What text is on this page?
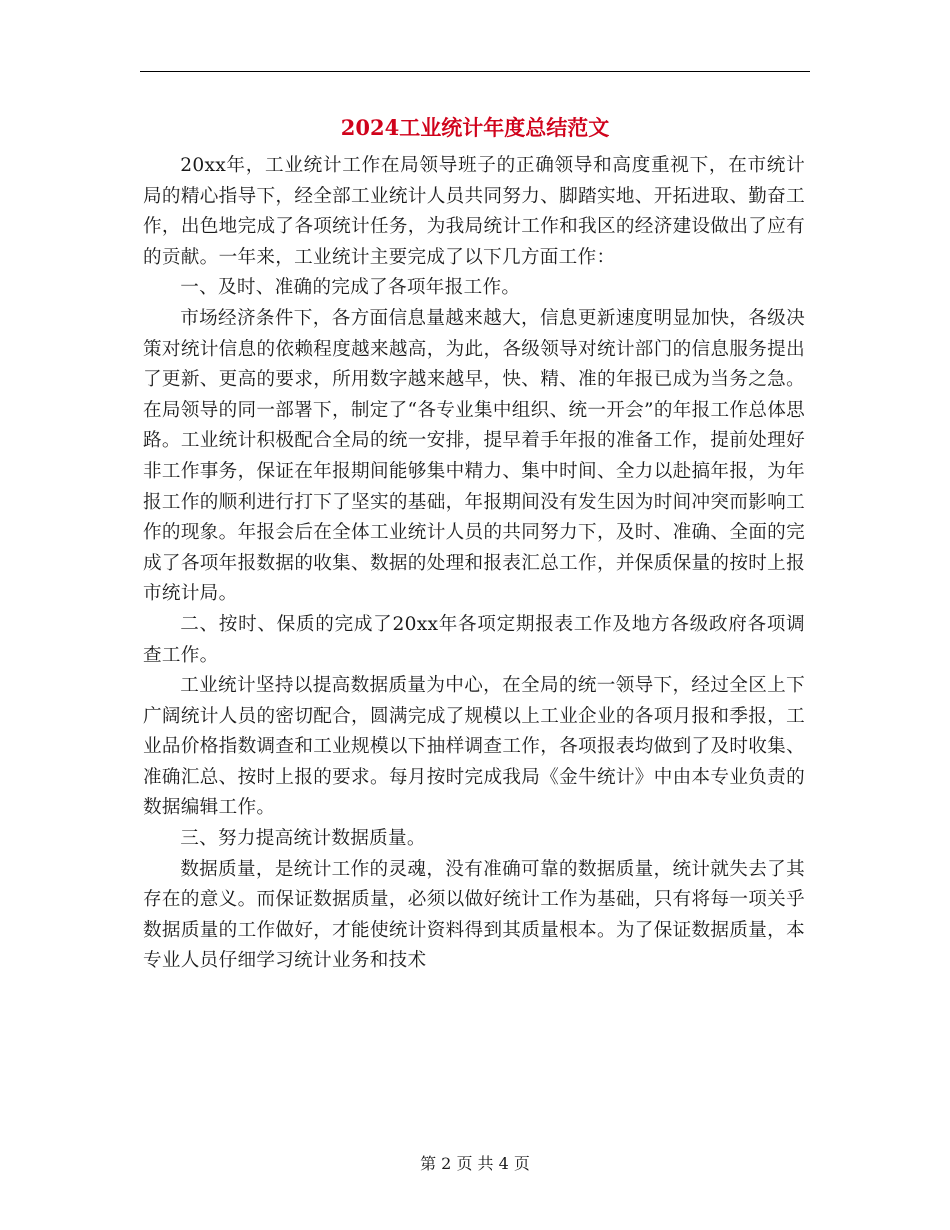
2024工业统计年度总结范文

20xx年，工业统计工作在局领导班子的正确领导和高度重视下，在市统计局的精心指导下，经全部工业统计人员共同努力、脚踏实地、开拓进取、勤奋工作，出色地完成了各项统计任务，为我局统计工作和我区的经济建设做出了应有的贡献。一年来，工业统计主要完成了以下几方面工作：

一、及时、准确的完成了各项年报工作。

市场经济条件下，各方面信息量越来越大，信息更新速度明显加快，各级决策对统计信息的依赖程度越来越高，为此，各级领导对统计部门的信息服务提出了更新、更高的要求，所用数字越来越早，快、精、准的年报已成为当务之急。在局领导的同一部署下，制定了“各专业集中组织、统一开会”的年报工作总体思路。工业统计积极配合全局的统一安排，提早着手年报的准备工作，提前处理好非工作事务，保证在年报期间能够集中精力、集中时间、全力以赴搞年报，为年报工作的顺利进行打下了坚实的基础，年报期间没有发生因为时间冲突而影响工作的现象。年报会后在全体工业统计人员的共同努力下，及时、准确、全面的完成了各项年报数据的收集、数据的处理和报表汇总工作，并保质保量的按时上报市统计局。

二、按时、保质的完成了20xx年各项定期报表工作及地方各级政府各项调查工作。

工业统计坚持以提高数据质量为中心，在全局的统一领导下，经过全区上下广阔统计人员的密切配合，圆满完成了规模以上工业企业的各项月报和季报，工业品价格指数调查和工业规模以下抽样调查工作，各项报表均做到了及时收集、准确汇总、按时上报的要求。每月按时完成我局《金牛统计》中由本专业负责的数据编辑工作。

三、努力提高统计数据质量。

数据质量，是统计工作的灵魂，没有准确可靠的数据质量，统计就失去了其存在的意义。而保证数据质量，必须以做好统计工作为基础，只有将每一项关乎数据质量的工作做好，才能使统计资料得到其质量根本。为了保证数据质量，本专业人员仔细学习统计业务和技术

第 2 页 共 4 页
